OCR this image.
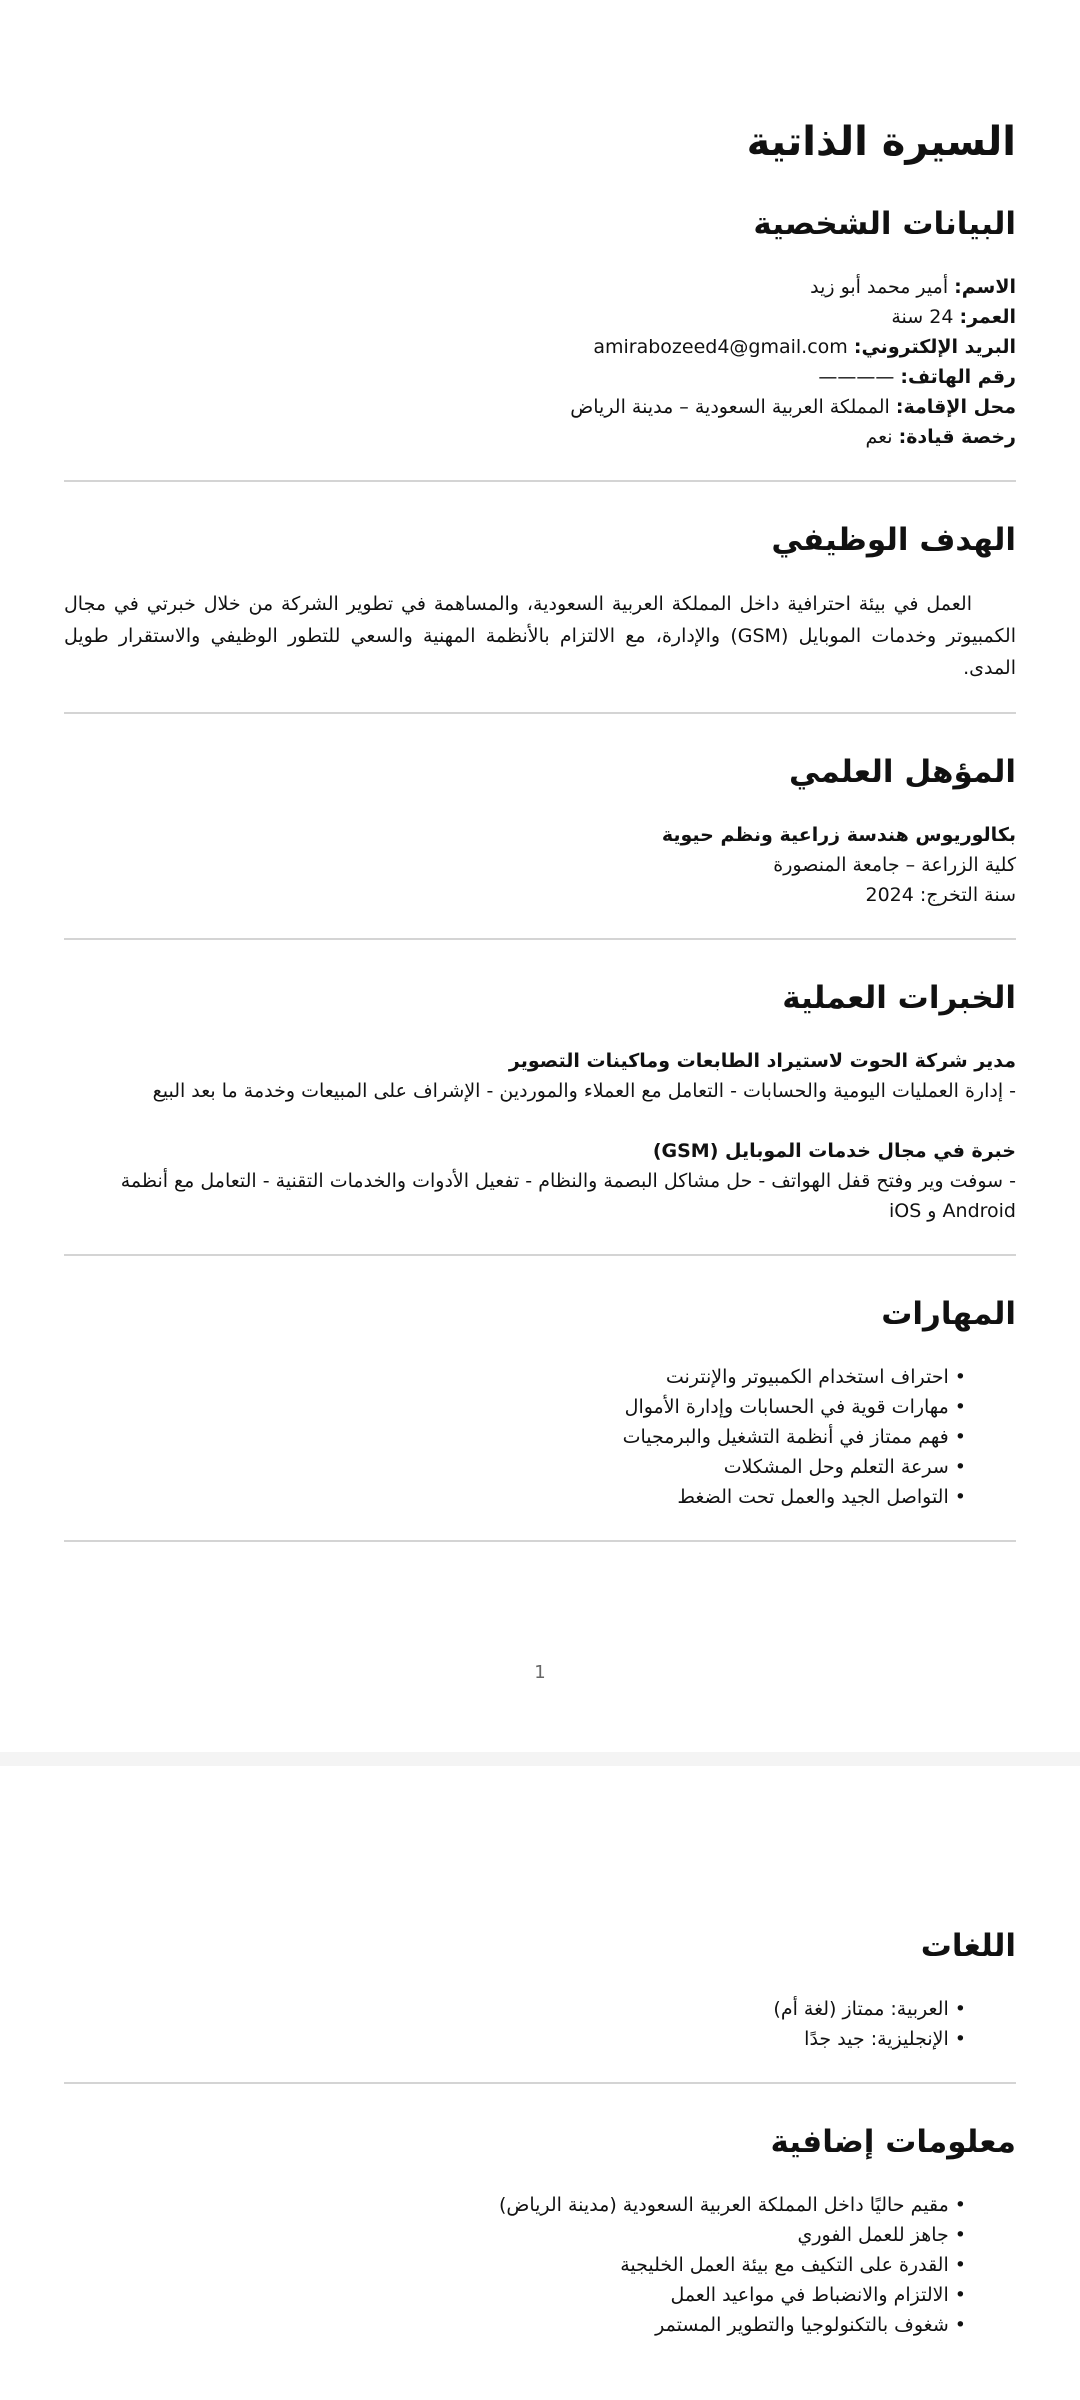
السيرة الذاتية
البيانات الشخصية

الاسم: أمير محمد أبو زيد

العمر: 24 سنة

البريد الإلكتروني: amirabozeed4@gmail.com

رقم الهاتف: ————

محل الإقامة: المملكة العربية السعودية – مدينة الرياض

رخصة قيادة: نعم

الهدف الوظيفي

العمل في بيئة احترافية داخل المملكة العربية السعودية، والمساهمة في تطوير الشركة من خلال خبرتي في مجال الكمبيوتر وخدمات الموبايل (GSM) والإدارة، مع الالتزام بالأنظمة المهنية والسعي للتطور الوظيفي والاستقرار طويل المدى.

المؤهل العلمي

بكالوريوس هندسة زراعية ونظم حيوية

كلية الزراعة – جامعة المنصورة

سنة التخرج: 2024

الخبرات العملية

مدير شركة الحوت لاستيراد الطابعات وماكينات التصوير

- إدارة العمليات اليومية والحسابات - التعامل مع العملاء والموردين - الإشراف على المبيعات وخدمة ما بعد البيع

خبرة في مجال خدمات الموبايل (GSM)

- سوفت وير وفتح قفل الهواتف - حل مشاكل البصمة والنظام - تفعيل الأدوات والخدمات التقنية - التعامل مع أنظمة Android و iOS

المهارات
• احتراف استخدام الكمبيوتر والإنترنت
• مهارات قوية في الحسابات وإدارة الأموال
• فهم ممتاز في أنظمة التشغيل والبرمجيات
• سرعة التعلم وحل المشكلات
• التواصل الجيد والعمل تحت الضغط
1
اللغات
• العربية: ممتاز (لغة أم)
• الإنجليزية: جيد جدًا
معلومات إضافية
• مقيم حاليًا داخل المملكة العربية السعودية (مدينة الرياض)
• جاهز للعمل الفوري
• القدرة على التكيف مع بيئة العمل الخليجية
• الالتزام والانضباط في مواعيد العمل
• شغوف بالتكنولوجيا والتطوير المستمر
